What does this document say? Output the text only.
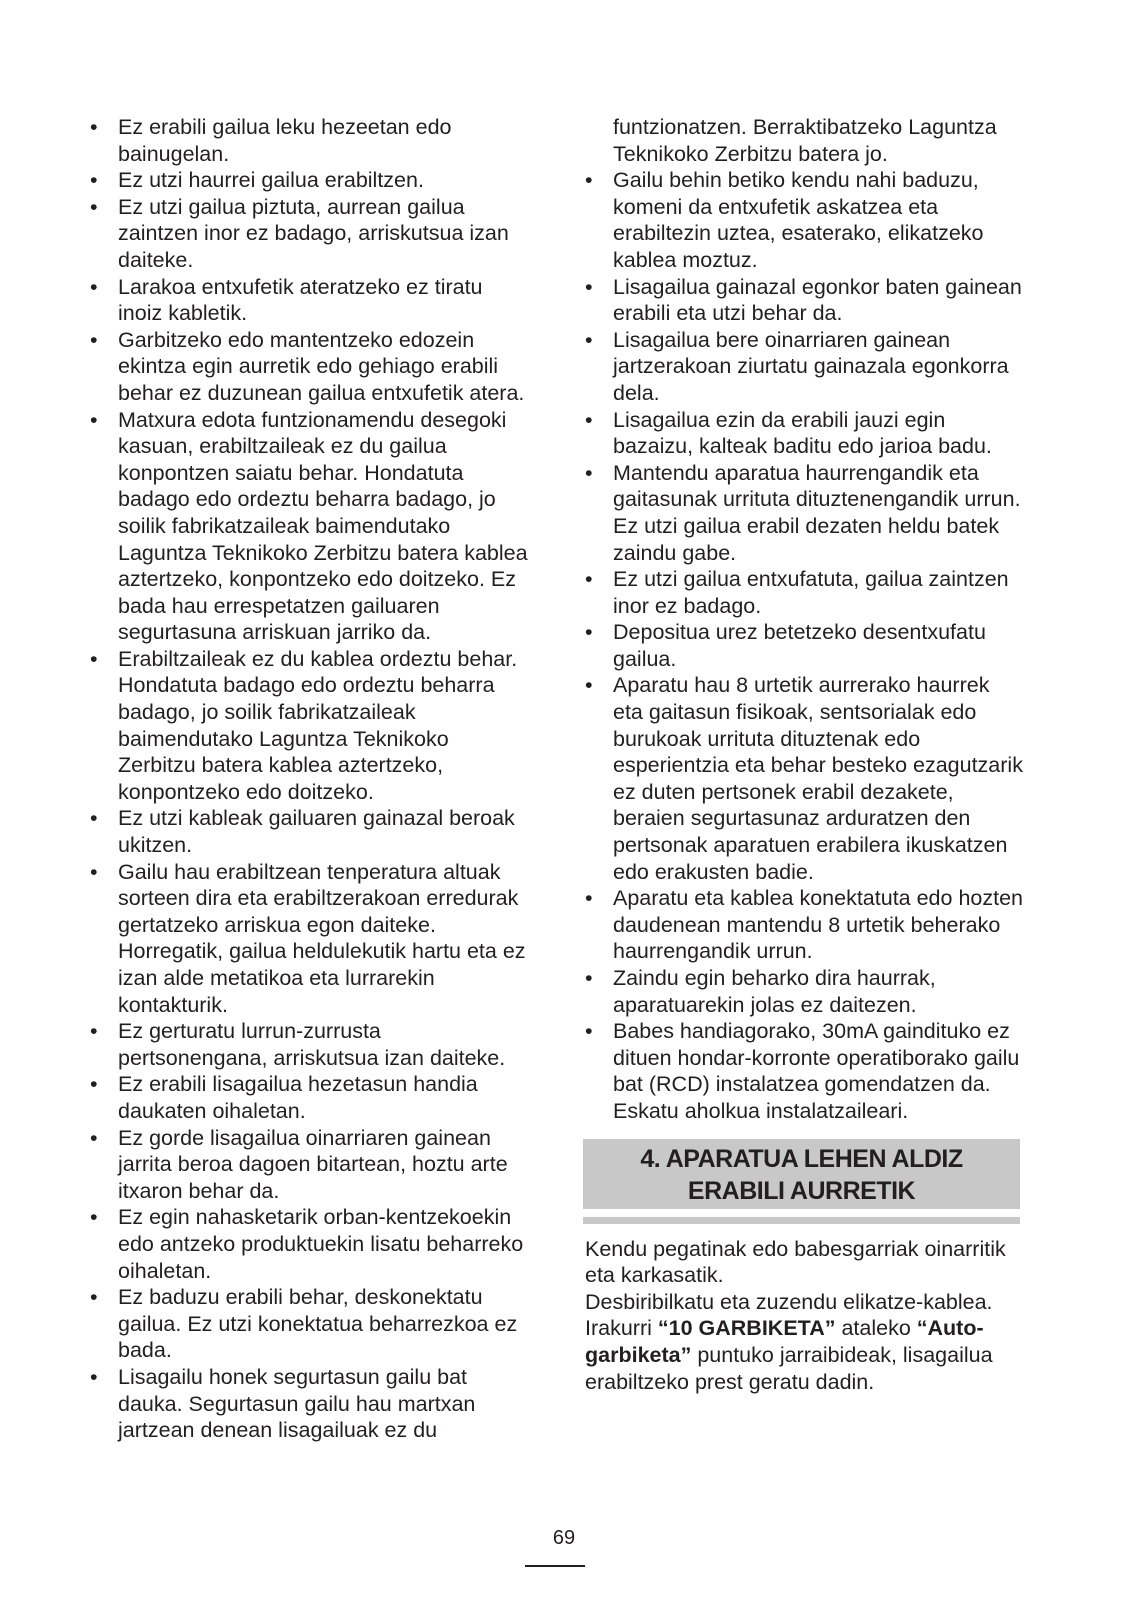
• Ez erabili gailua leku hezeetan edo bainugelan.
• Ez utzi haurrei gailua erabiltzen.
• Ez utzi gailua piztuta, aurrean gailua zaintzen inor ez badago, arriskutsua izan daiteke.
• Larakoa entxufetik ateratzeko ez tiratu inoiz kabletik.
• Garbitzeko edo mantentzeko edozein ekintza egin aurretik edo gehiago erabili behar ez duzunean gailua entxufetik atera.
• Matxura edota funtzionamendu desegoki kasuan, erabiltzaileak ez du gailua konpontzen saiatu behar. Hondatuta badago edo ordeztu beharra badago, jo soilik fabrikatzaileak baimendutako Laguntza Teknikoko Zerbitzu batera kablea aztertzeko, konpontzeko edo doitzeko. Ez bada hau errespetatzen gailuaren segurtasuna arriskuan jarriko da.
• Erabiltzaileak ez du kablea ordeztu behar. Hondatuta badago edo ordeztu beharra badago, jo soilik fabrikatzaileak baimendutako Laguntza Teknikoko Zerbitzu batera kablea aztertzeko, konpontzeko edo doitzeko.
• Ez utzi kableak gailuaren gainazal beroak ukitzen.
• Gailu hau erabiltzean tenperatura altuak sorteen dira eta erabiltzerakoan erredurak gertatzeko arriskua egon daiteke. Horregatik, gailua heldulekutik hartu eta ez izan alde metatikoa eta lurrarekin kontakturik.
• Ez gerturatu lurrun-zurrusta pertsonengana, arriskutsua izan daiteke.
• Ez erabili lisagailua hezetasun handia daukaten oihaletan.
• Ez gorde lisagailua oinarriaren gainean jarrita beroa dagoen bitartean, hoztu arte itxaron behar da.
• Ez egin nahasketarik orban-kentzekoekin edo antzeko produktuekin lisatu beharreko oihaletan.
• Ez baduzu erabili behar, deskonektatu gailua. Ez utzi konektatua beharrezkoa ez bada.
• Lisagailu honek segurtasun gailu bat dauka. Segurtasun gailu hau martxan jartzean denean lisagailuak ez du

funtzionatzen. Berraktibatzeko Laguntza Teknikoko Zerbitzu batera jo.

• Gailu behin betiko kendu nahi baduzu, komeni da entxufetik askatzea eta erabiltezin uztea, esaterako, elikatzeko kablea moztuz.
• Lisagailua gainazal egonkor baten gainean erabili eta utzi behar da.
• Lisagailua bere oinarriaren gainean jartzerakoan ziurtatu gainazala egonkorra dela.
• Lisagailua ezin da erabili jauzi egin bazaizu, kalteak baditu edo jarioa badu.
• Mantendu aparatua haurrengandik eta gaitasunak urrituta dituztenengandik urrun. Ez utzi gailua erabil dezaten heldu batek zaindu gabe.
• Ez utzi gailua entxufatuta, gailua zaintzen inor ez badago.
• Depositua urez betetzeko desentxufatu gailua.
• Aparatu hau 8 urtetik aurrerako haurrek eta gaitasun fisikoak, sentsorialak edo burukoak urrituta dituztenak edo esperientzia eta behar besteko ezagutzarik ez duten pertsonek erabil dezakete, beraien segurtasunaz arduratzen den pertsonak aparatuen erabilera ikuskatzen edo erakusten badie.
• Aparatu eta kablea konektatuta edo hozten daudenean mantendu 8 urtetik beherako haurrengandik urrun.
• Zaindu egin beharko dira haurrak, aparatuarekin jolas ez daitezen.
• Babes handiagorako, 30mA gaindituko ez dituen hondar-korronte operatiborako gailu bat (RCD) instalatzea gomendatzen da. Eskatu aholkua instalatzaileari.
4. APARATUA LEHEN ALDIZ ERABILI AURRETIK

Kendu pegatinak edo babesgarriak oinarritik eta karkasatik.

Desbiribilkatu eta zuzendu elikatze-kablea.

Irakurri “10 GARBIKETA” ataleko “Auto-garbiketa” puntuko jarraibideak, lisagailua erabiltzeko prest geratu dadin.

69
